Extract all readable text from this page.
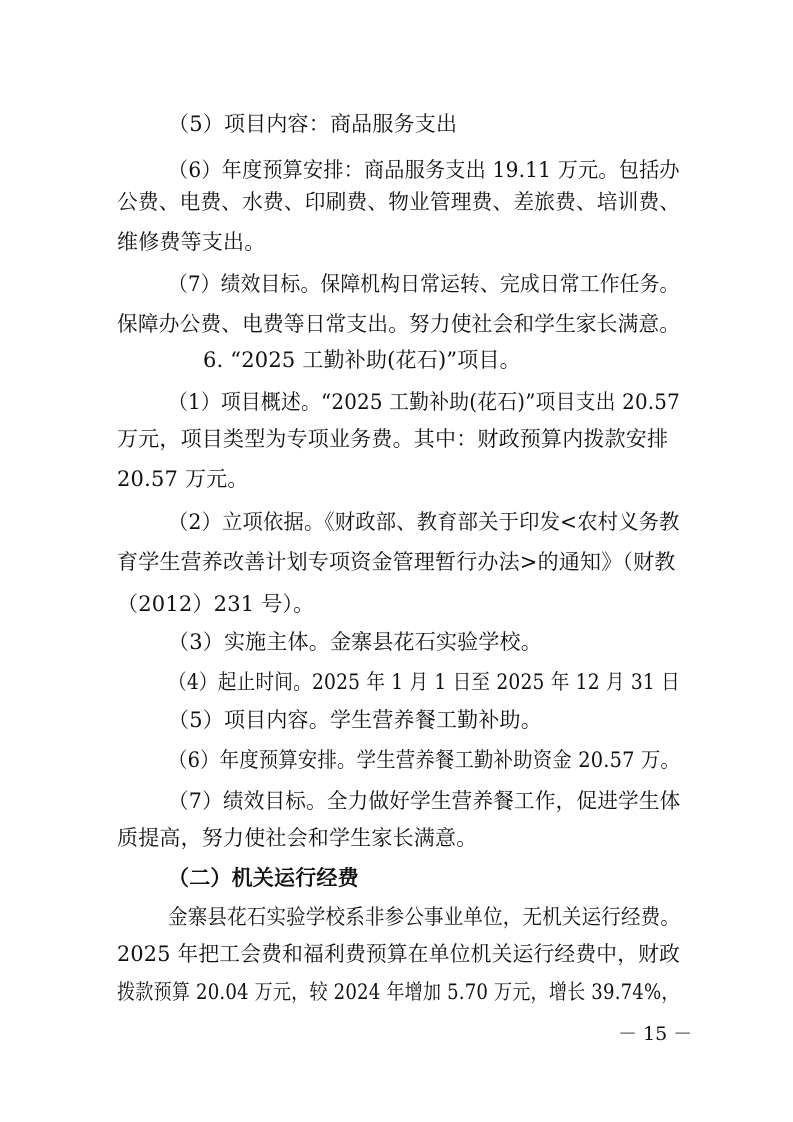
（5）项目内容：商品服务支出
（6）年度预算安排：商品服务支出 19.11 万元。包括办
公费、电费、水费、印刷费、物业管理费、差旅费、培训费、
维修费等支出。
（7）绩效目标。保障机构日常运转、完成日常工作任务。
保障办公费、电费等日常支出。努力使社会和学生家长满意。
6. “2025 工勤补助(花石)”项目。
（1）项目概述。“2025 工勤补助(花石)”项目支出 20.57
万元，项目类型为专项业务费。其中：财政预算内拨款安排
20.57 万元。
（2）立项依据。《财政部、教育部关于印发<农村义务教
育学生营养改善计划专项资金管理暂行办法>的通知》（财教
（2012）231 号）。
（3）实施主体。金寨县花石实验学校。
（4）起止时间。2025 年 1 月 1 日至 2025 年 12 月 31 日
（5）项目内容。学生营养餐工勤补助。
（6）年度预算安排。学生营养餐工勤补助资金 20.57 万。
（7）绩效目标。全力做好学生营养餐工作，促进学生体
质提高，努力使社会和学生家长满意。
（二）机关运行经费
金寨县花石实验学校系非参公事业单位，无机关运行经费。
2025 年把工会费和福利费预算在单位机关运行经费中，财政
拨款预算 20.04 万元，较 2024 年增加 5.70 万元，增长 39.74%，
－ 15 －
